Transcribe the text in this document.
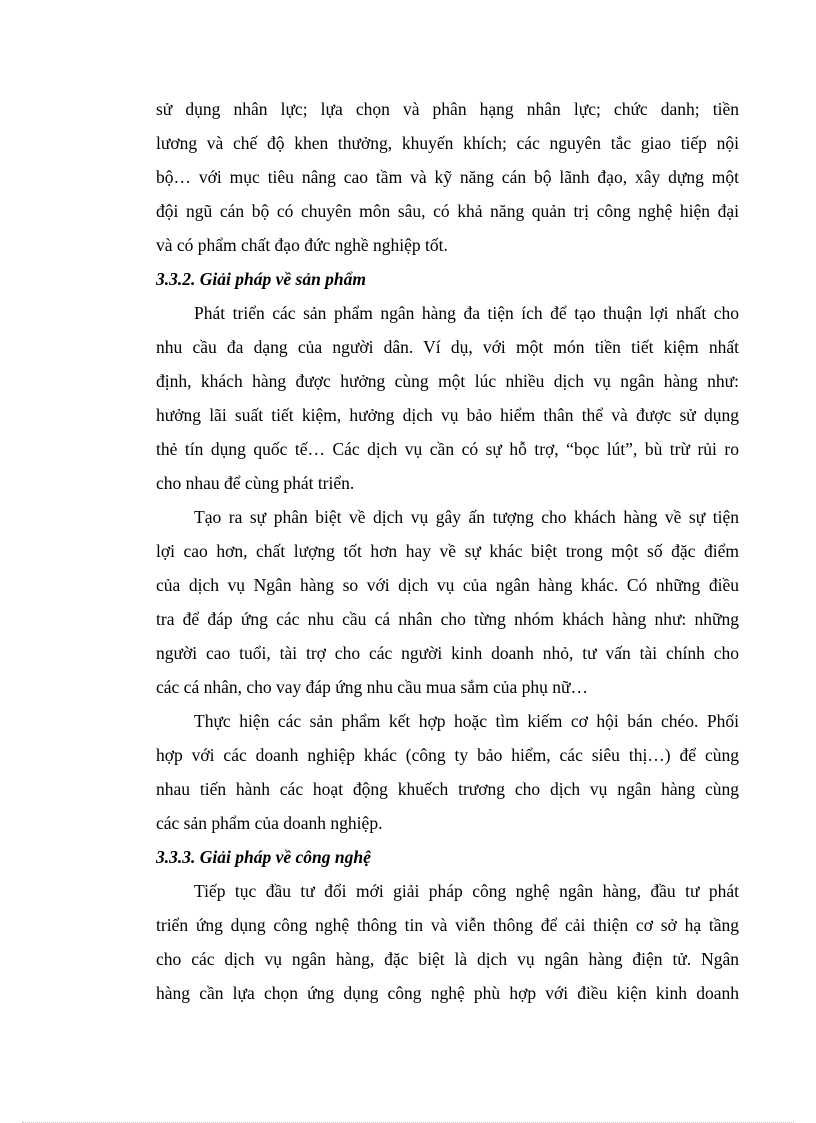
sử dụng nhân lực; lựa chọn và phân hạng nhân lực; chức danh; tiền
lương và chế độ khen thưởng, khuyến khích; các nguyên tắc giao tiếp nội
bộ… với mục tiêu nâng cao tầm và kỹ năng cán bộ lãnh đạo, xây dựng một
đội ngũ cán bộ có chuyên môn sâu, có khả năng quản trị công nghệ hiện đại
và có phẩm chất đạo đức nghề nghiệp tốt.
3.3.2. Giải pháp về sản phẩm
Phát triển các sản phẩm ngân hàng đa tiện ích để tạo thuận lợi nhất cho
nhu cầu đa dạng của người dân. Ví dụ, với một món tiền tiết kiệm nhất
định, khách hàng được hưởng cùng một lúc nhiều dịch vụ ngân hàng như:
hưởng lãi suất tiết kiệm, hưởng dịch vụ bảo hiểm thân thể và được sử dụng
thẻ tín dụng quốc tế… Các dịch vụ cần có sự hỗ trợ, “bọc lút”, bù trừ rủi ro
cho nhau để cùng phát triển.
Tạo ra sự phân biệt về dịch vụ gây ấn tượng cho khách hàng về sự tiện
lợi cao hơn, chất lượng tốt hơn hay về sự khác biệt trong một số đặc điểm
của dịch vụ Ngân hàng so với dịch vụ của ngân hàng khác. Có những điều
tra để đáp ứng các nhu cầu cá nhân cho từng nhóm khách hàng như: những
người cao tuổi, tài trợ cho các người kinh doanh nhỏ, tư vấn tài chính cho
các cá nhân, cho vay đáp ứng nhu cầu mua sắm của phụ nữ…
Thực hiện các sản phẩm kết hợp hoặc tìm kiếm cơ hội bán chéo. Phối
hợp với các doanh nghiệp khác (công ty bảo hiểm, các siêu thị…) để cùng
nhau tiến hành các hoạt động khuếch trương cho dịch vụ ngân hàng cùng
các sản phẩm của doanh nghiệp.
3.3.3. Giải pháp về công nghệ
Tiếp tục đầu tư đổi mới giải pháp công nghệ ngân hàng, đầu tư phát
triển ứng dụng công nghệ thông tin và viễn thông để cải thiện cơ sở hạ tầng
cho các dịch vụ ngân hàng, đặc biệt là dịch vụ ngân hàng điện tử. Ngân
hàng cần lựa chọn ứng dụng công nghệ phù hợp với điều kiện kinh doanh
